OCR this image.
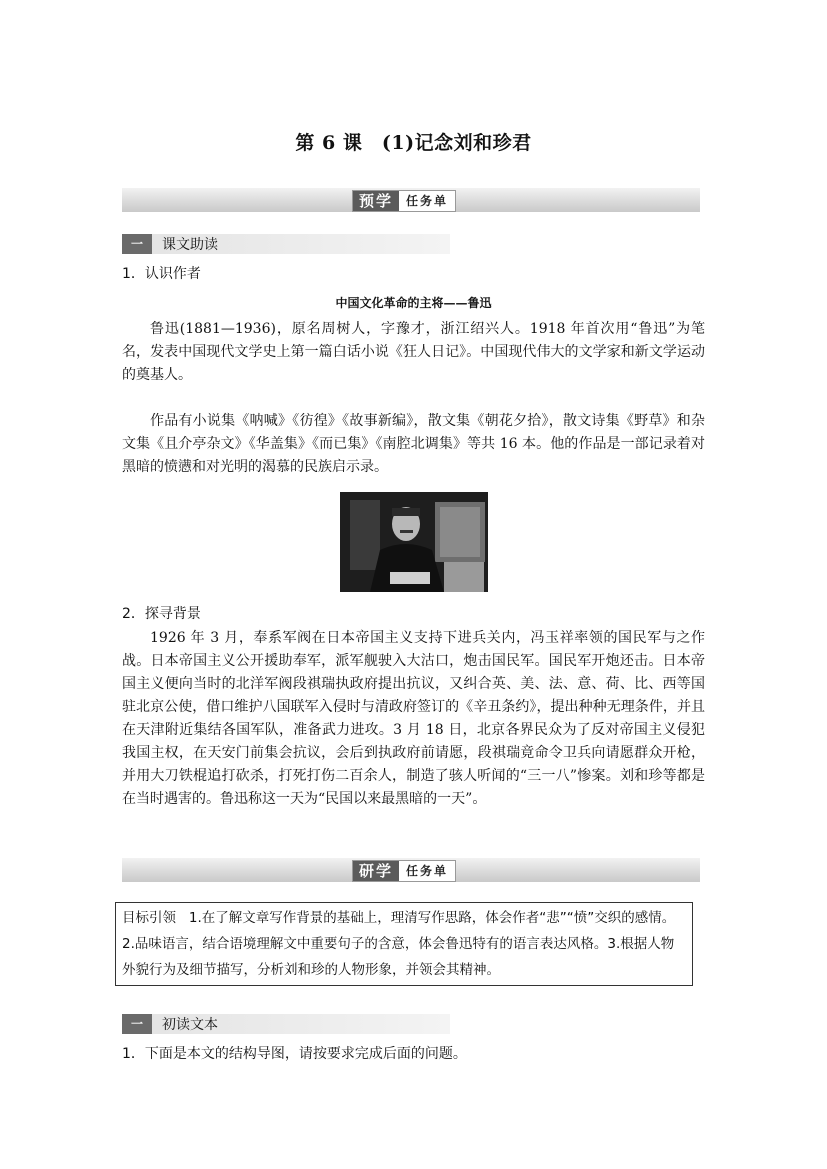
第 6 课　(1)记念刘和珍君
预学	任务单
一	课文助读
1．认识作者
中国文化革命的主将——鲁迅
鲁迅(1881—1936)，原名周树人，字豫才，浙江绍兴人。1918 年首次用“鲁迅”为笔名，发表中国现代文学史上第一篇白话小说《狂人日记》。中国现代伟大的文学家和新文学运动的奠基人。
作品有小说集《呐喊》《彷徨》《故事新编》，散文集《朝花夕拾》，散文诗集《野草》和杂文集《且介亭杂文》《华盖集》《而已集》《南腔北调集》等共 16 本。他的作品是一部记录着对黑暗的愤懑和对光明的渴慕的民族启示录。
2．探寻背景
1926 年 3 月，奉系军阀在日本帝国主义支持下进兵关内，冯玉祥率领的国民军与之作战。日本帝国主义公开援助奉军，派军舰驶入大沽口，炮击国民军。国民军开炮还击。日本帝国主义便向当时的北洋军阀段祺瑞执政府提出抗议，又纠合英、美、法、意、荷、比、西等国驻北京公使，借口维护八国联军入侵时与清政府签订的《辛丑条约》，提出种种无理条件，并且在天津附近集结各国军队，准备武力进攻。3 月 18 日，北京各界民众为了反对帝国主义侵犯我国主权，在天安门前集会抗议，会后到执政府前请愿，段祺瑞竟命令卫兵向请愿群众开枪，并用大刀铁棍追打砍杀，打死打伤二百余人，制造了骇人听闻的“三一八”惨案。刘和珍等都是在当时遇害的。鲁迅称这一天为“民国以来最黑暗的一天”。
研学	任务单
目标引领 1.在了解文章写作背景的基础上，理清写作思路，体会作者“悲”“愤”交织的感情。2.品味语言，结合语境理解文中重要句子的含意，体会鲁迅特有的语言表达风格。3.根据人物外貌行为及细节描写，分析刘和珍的人物形象，并领会其精神。
一	初读文本
1．下面是本文的结构导图，请按要求完成后面的问题。
